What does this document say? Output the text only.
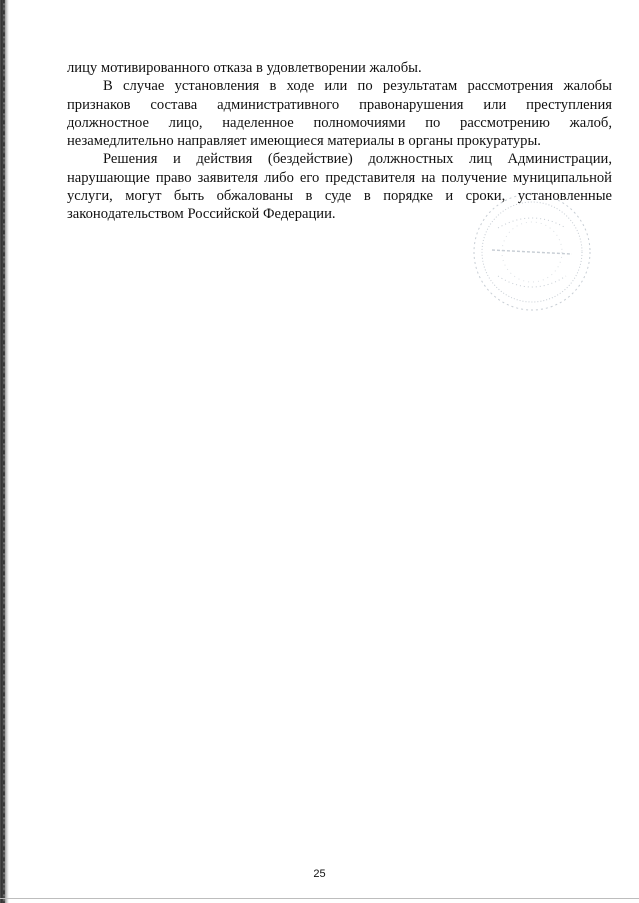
лицу мотивированного отказа в удовлетворении жалобы.

В случае установления в ходе или по результатам рассмотрения жалобы признаков состава административного правонарушения или преступления должностное лицо, наделенное полномочиями по рассмотрению жалоб, незамедлительно направляет имеющиеся материалы в органы прокуратуры.

Решения и действия (бездействие) должностных лиц Администрации, нарушающие право заявителя либо его представителя на получение муниципальной услуги, могут быть обжалованы в суде в порядке и сроки, установленные законодательством Российской Федерации.

25
